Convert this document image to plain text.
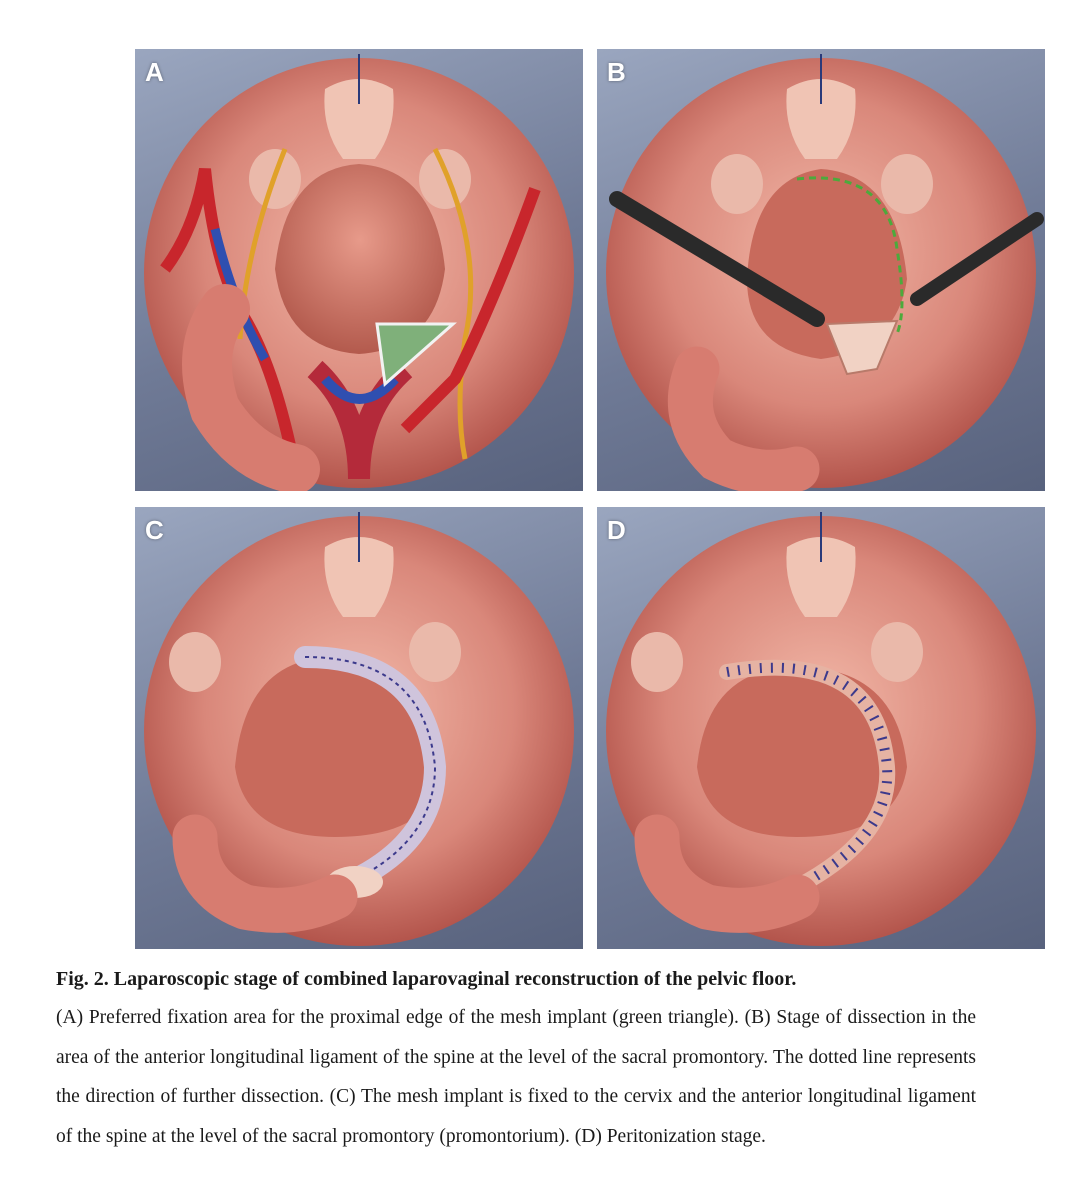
A	B
C	D

Fig. 2. Laparoscopic stage of combined laparovaginal reconstruction of the pelvic floor.

(A) Preferred fixation area for the proximal edge of the mesh implant (green triangle). (B) Stage of dissection in the area of the anterior longitudinal ligament of the spine at the level of the sacral promontory. The dotted line represents the direction of further dissection. (C) The mesh implant is fixed to the cervix and the anterior longitudinal ligament of the spine at the level of the sacral promontory (promontorium). (D) Peritonization stage.
